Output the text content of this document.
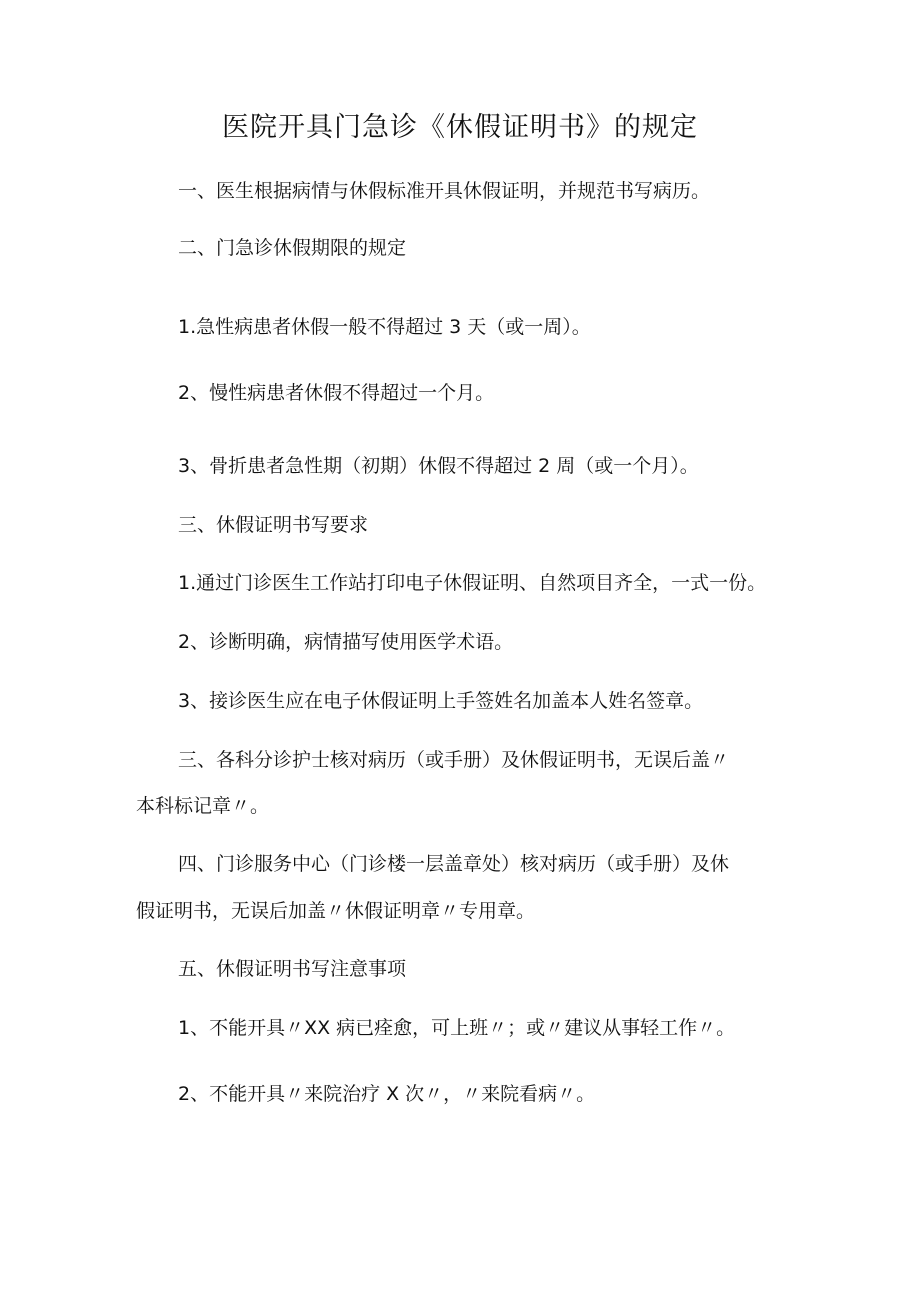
医院开具门急诊《休假证明书》的规定
一、医生根据病情与休假标准开具休假证明，并规范书写病历。
二、门急诊休假期限的规定
1.急性病患者休假一般不得超过 3 天（或一周）。
2、慢性病患者休假不得超过一个月。
3、骨折患者急性期（初期）休假不得超过 2 周（或一个月）。
三、休假证明书写要求
1.通过门诊医生工作站打印电子休假证明、自然项目齐全，一式一份。
2、诊断明确，病情描写使用医学术语。
3、接诊医生应在电子休假证明上手签姓名加盖本人姓名签章。
三、各科分诊护士核对病历（或手册）及休假证明书，无误后盖〃
本科标记章〃。
四、门诊服务中心（门诊楼一层盖章处）核对病历（或手册）及休
假证明书，无误后加盖〃休假证明章〃专用章。
五、休假证明书写注意事项
1、不能开具〃XX 病已痊愈，可上班〃；或〃建议从事轻工作〃。
2、不能开具〃来院治疗 X 次〃，〃来院看病〃。
